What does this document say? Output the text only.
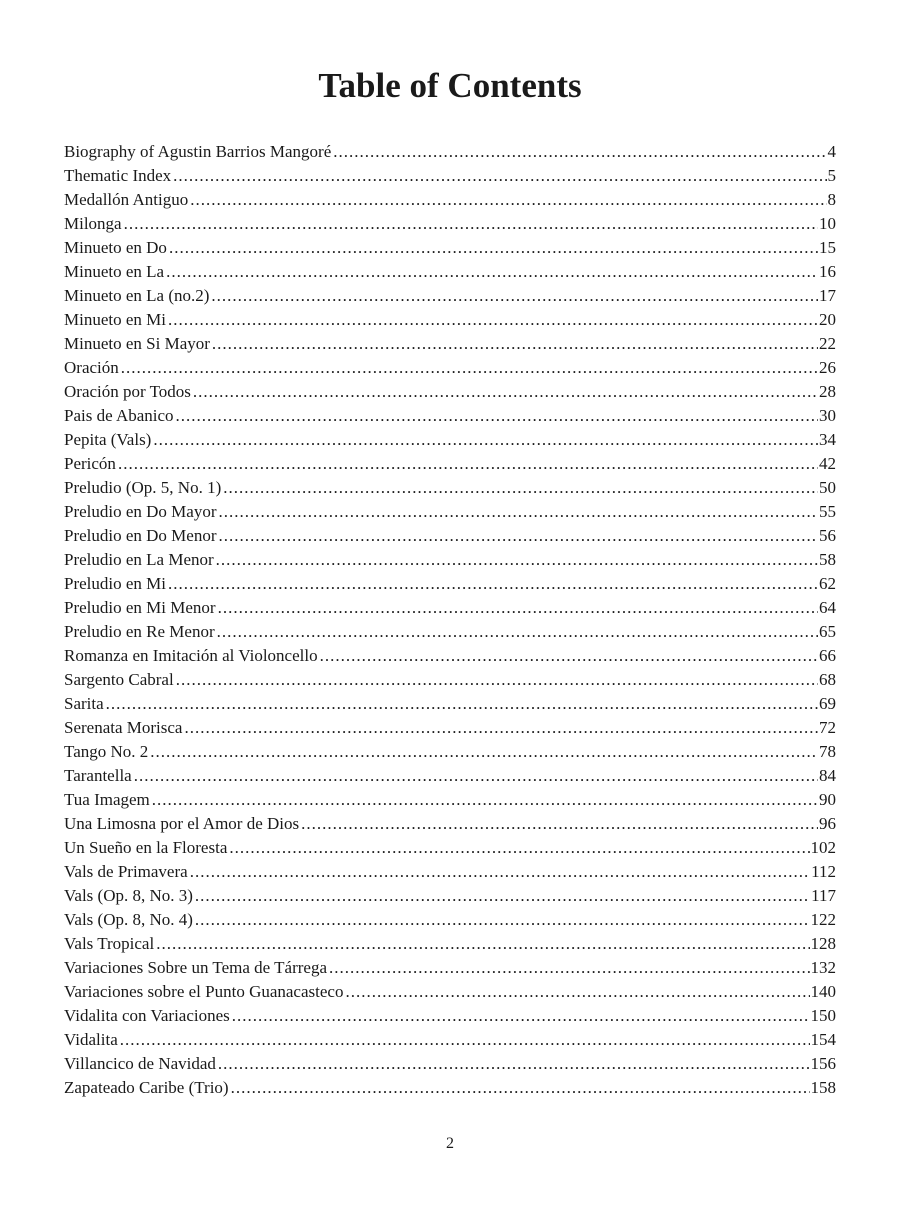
Table of Contents
Biography of Agustin Barrios Mangoré .....	4
Thematic Index .....	5
Medallón Antiguo .....	8
Milonga .....	10
Minueto en Do .....	15
Minueto en La .....	16
Minueto en La (no.2) .....	17
Minueto en Mi .....	20
Minueto en Si Mayor .....	22
Oración .....	26
Oración por Todos .....	28
Pais de Abanico .....	30
Pepita (Vals) .....	34
Pericón .....	42
Preludio (Op. 5, No. 1) .....	50
Preludio en Do Mayor .....	55
Preludio en Do Menor .....	56
Preludio en La Menor .....	58
Preludio en Mi .....	62
Preludio en Mi Menor .....	64
Preludio en Re Menor .....	65
Romanza en Imitación al Violoncello .....	66
Sargento Cabral .....	68
Sarita .....	69
Serenata Morisca .....	72
Tango No. 2 .....	78
Tarantella .....	84
Tua Imagem .....	90
Una Limosna por el Amor de Dios .....	96
Un Sueño en la Floresta .....	102
Vals de Primavera .....	112
Vals (Op. 8, No. 3) .....	117
Vals (Op. 8, No. 4) .....	122
Vals Tropical .....	128
Variaciones Sobre un Tema de Tárrega .....	132
Variaciones sobre el Punto Guanacasteco .....	140
Vidalita con Variaciones .....	150
Vidalita .....	154
Villancico de Navidad .....	156
Zapateado Caribe (Trio) .....	158
2
